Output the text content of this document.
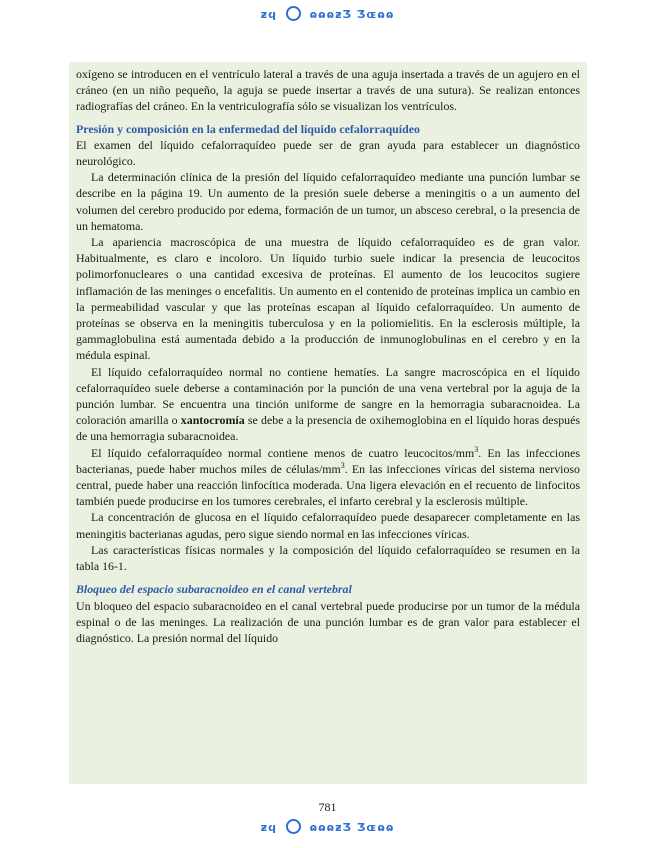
ƶϥ	ɷɷɷƶƷ Ʒɶɷɷ

oxígeno se introducen en el ventrículo lateral a través de una aguja insertada a través de un agujero en el cráneo (en un niño pequeño, la aguja se puede insertar a través de una sutura). Se realizan entonces radiografías del cráneo. En la ventriculografía sólo se visualizan los ventrículos.

Presión y composición en la enfermedad del líquido cefalorraquídeo

El examen del líquido cefalorraquídeo puede ser de gran ayuda para establecer un diagnóstico neurológico.

La determinación clínica de la presión del líquido cefalorraquídeo mediante una punción lumbar se describe en la página 19. Un aumento de la presión suele deberse a meningitis o a un aumento del volumen del cerebro producido por edema, formación de un tumor, un absceso cerebral, o la presencia de un hematoma.

La apariencia macroscópica de una muestra de líquido cefalorraquídeo es de gran valor. Habitualmente, es claro e incoloro. Un líquido turbio suele indicar la presencia de leucocitos polimorfonucleares o una cantidad excesiva de proteínas. El aumento de los leucocitos sugiere inflamación de las meninges o encefalitis. Un aumento en el contenido de proteínas implica un cambio en la permeabilidad vascular y que las proteínas escapan al líquido cefalorraquídeo. Un aumento de proteínas se observa en la meningitis tuberculosa y en la poliomielitis. En la esclerosis múltiple, la gammaglobulina está aumentada debido a la producción de inmunoglobulinas en el cerebro y en la médula espinal.

El líquido cefalorraquídeo normal no contiene hematíes. La sangre macroscópica en el líquido cefalorraquídeo suele deberse a contaminación por la punción de una vena vertebral por la aguja de la punción lumbar. Se encuentra una tinción uniforme de sangre en la hemorragia subaracnoidea. La coloración amarilla o xantocromía se debe a la presencia de oxihemoglobina en el líquido horas después de una hemorragia subaracnoidea.

El líquido cefalorraquídeo normal contiene menos de cuatro leucocitos/$mm^3$. En las infecciones bacterianas, puede haber muchos miles de células/$mm^3$. En las infecciones víricas del sistema nervioso central, puede haber una reacción linfocítica moderada. Una ligera elevación en el recuento de linfocitos también puede producirse en los tumores cerebrales, el infarto cerebral y la esclerosis múltiple.

La concentración de glucosa en el líquido cefalorraquídeo puede desaparecer completamente en las meningitis bacterianas agudas, pero sigue siendo normal en las infecciones víricas.

Las características físicas normales y la composición del líquido cefalorraquídeo se resumen en la tabla 16-1.

Bloqueo del espacio subaracnoideo en el canal vertebral

Un bloqueo del espacio subaracnoideo en el canal vertebral puede producirse por un tumor de la médula espinal o de las meninges. La realización de una punción lumbar es de gran valor para establecer el diagnóstico. La presión normal del líquido

781
ƶϥ	ɷɷɷƶƷ Ʒɶɷɷ
